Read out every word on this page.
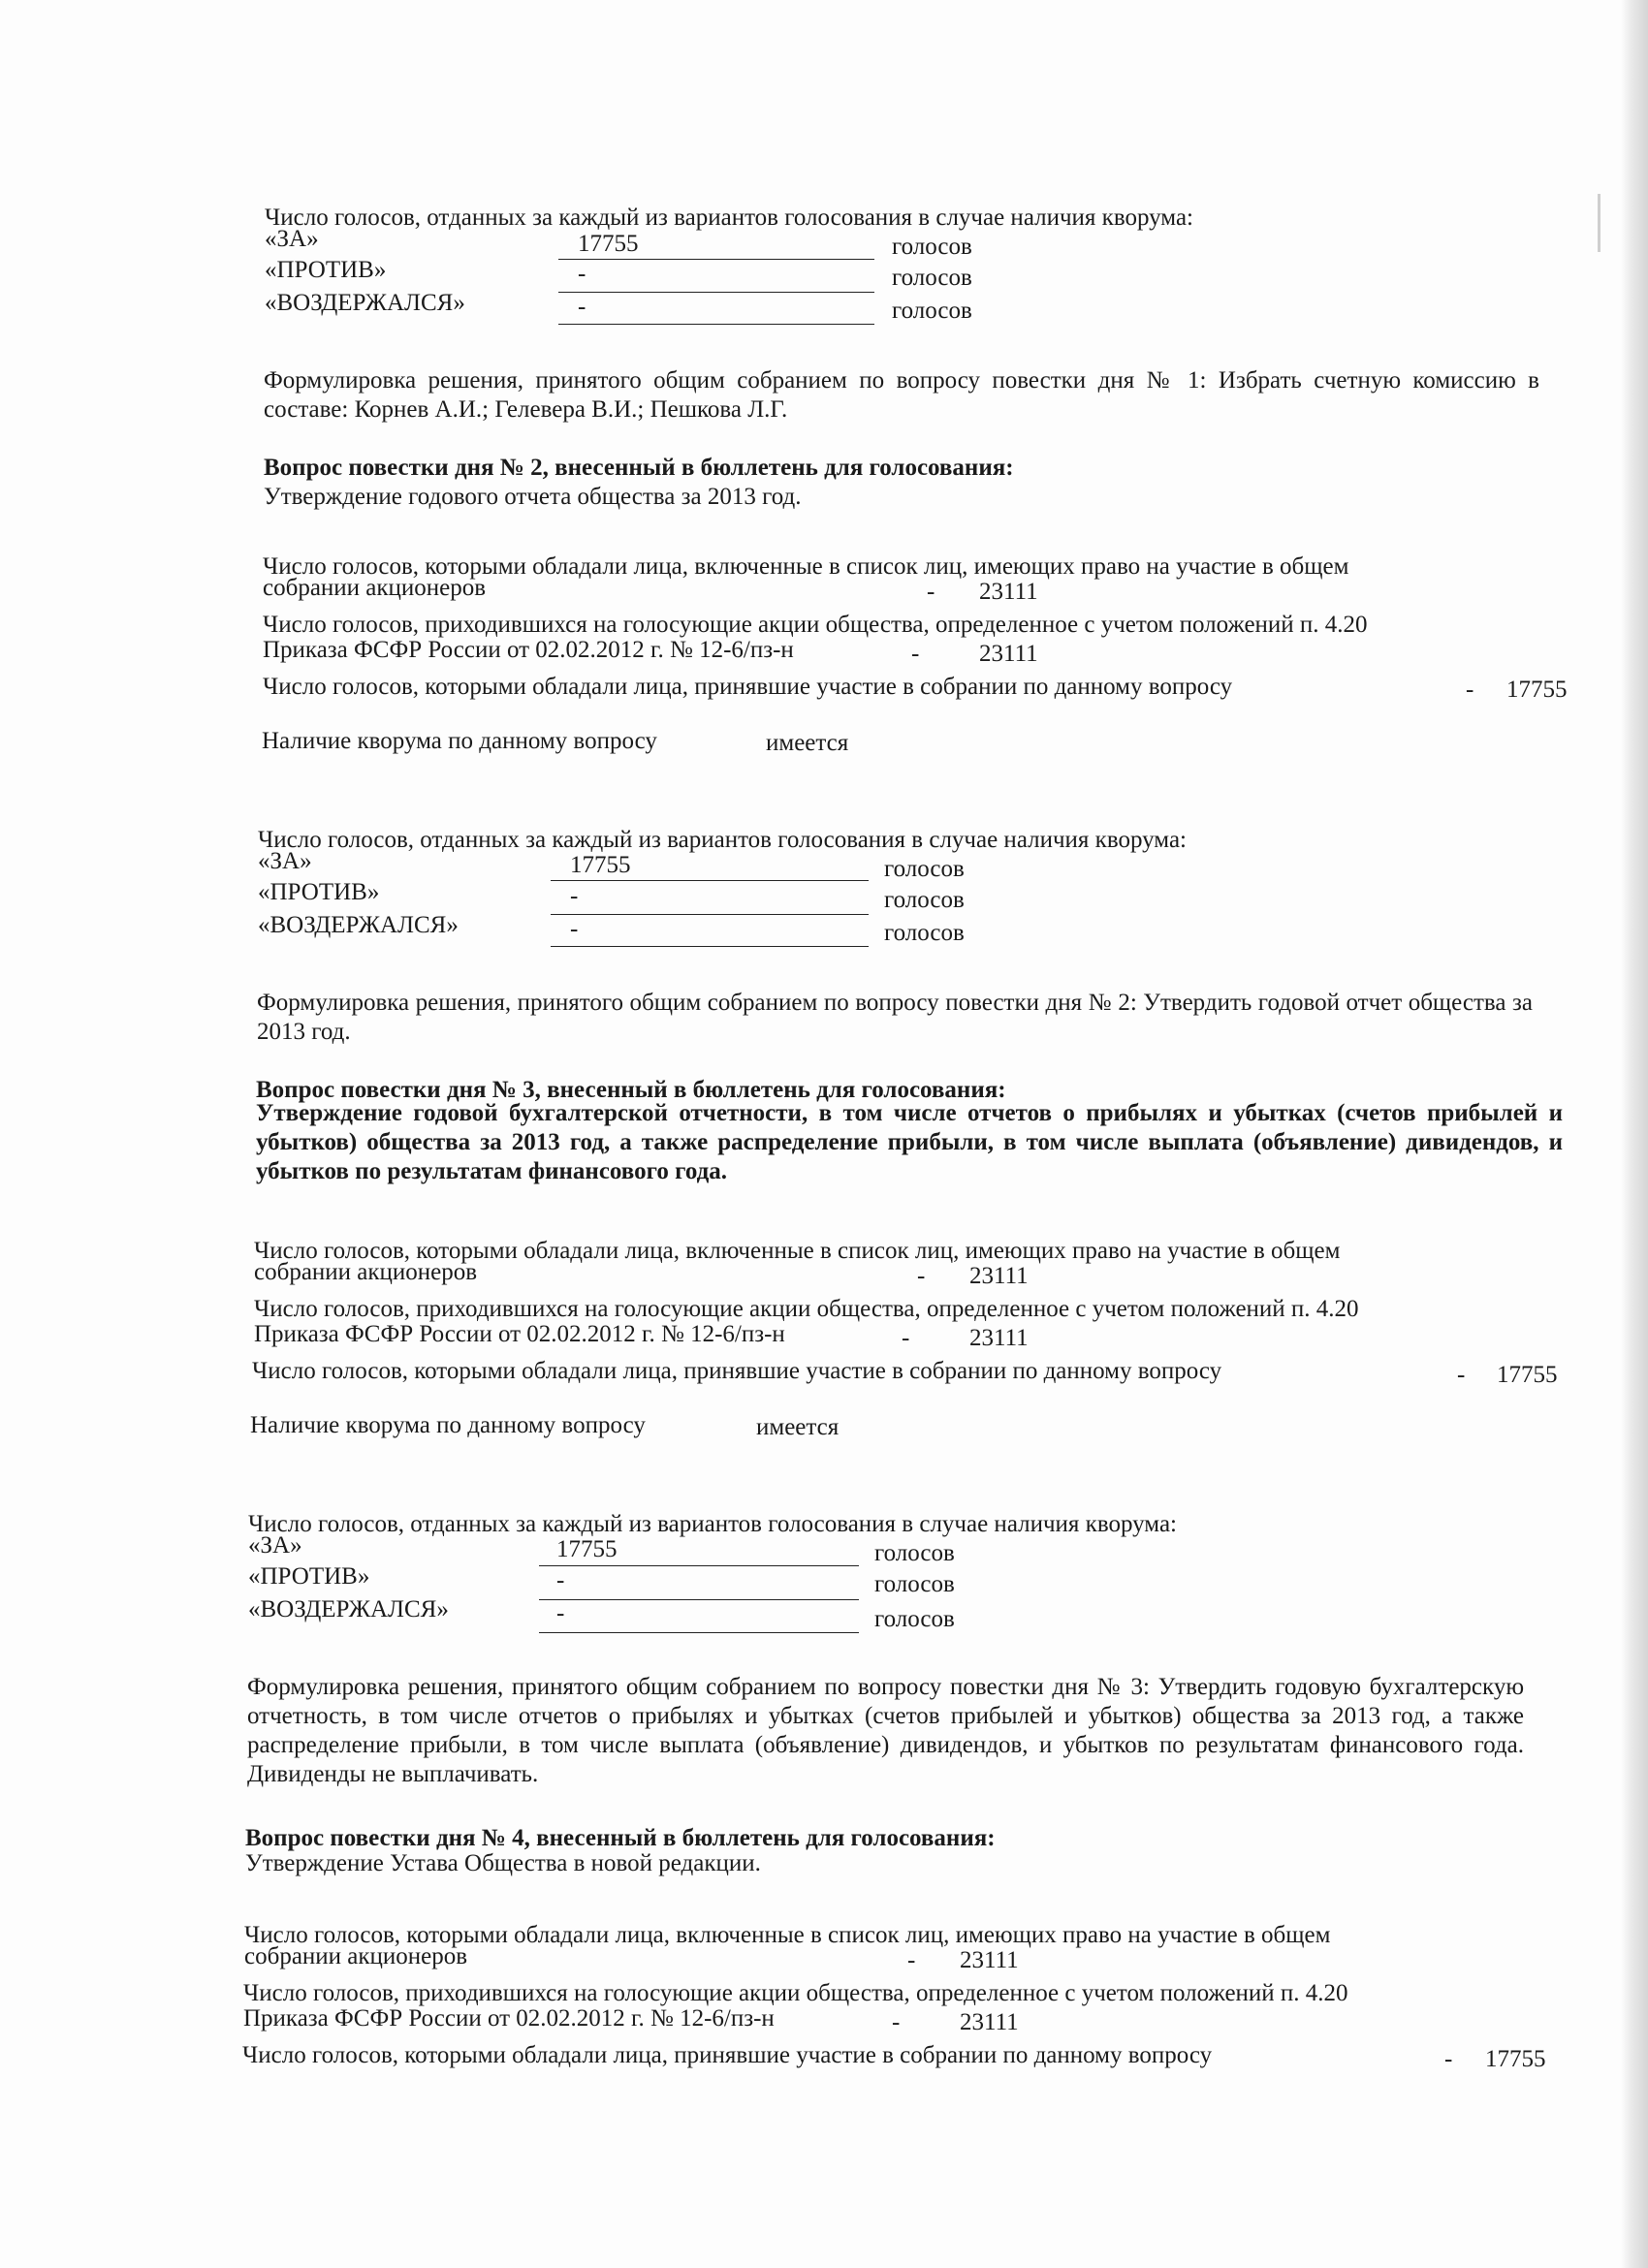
Число голосов, отданных за каждый из вариантов голосования в случае наличия кворума:
«ЗА»	17755	голосов
«ПРОТИВ»	-	голосов
«ВОЗДЕРЖАЛСЯ»	-	голосов
Формулировка решения, принятого общим собранием по вопросу повестки дня № 1: Избрать счетную комиссию в составе: Корнев А.И.; Гелевера В.И.; Пешкова Л.Г.
Вопрос повестки дня № 2, внесенный в бюллетень для голосования:
Утверждение годового отчета общества за 2013 год.
Число голосов, которыми обладали лица, включенные в список лиц, имеющих право на участие в общем
собрании акционеров	- 23111
Число голосов, приходившихся на голосующие акции общества, определенное с учетом положений п. 4.20
Приказа ФСФР России от 02.02.2012 г. № 12-6/пз-н	- 23111
Число голосов, которыми обладали лица, принявшие участие в собрании по данному вопросу	- 17755
Наличие кворума по данному вопросу	имеется
Число голосов, отданных за каждый из вариантов голосования в случае наличия кворума:
«ЗА»	17755	голосов
«ПРОТИВ»	-	голосов
«ВОЗДЕРЖАЛСЯ»	-	голосов
Формулировка решения, принятого общим собранием по вопросу повестки дня № 2: Утвердить годовой отчет общества за 2013 год.
Вопрос повестки дня № 3, внесенный в бюллетень для голосования:
Утверждение годовой бухгалтерской отчетности, в том числе отчетов о прибылях и убытках (счетов прибылей и убытков) общества за 2013 год, а также распределение прибыли, в том числе выплата (объявление) дивидендов, и убытков по результатам финансового года.
Число голосов, которыми обладали лица, включенные в список лиц, имеющих право на участие в общем
собрании акционеров	- 23111
Число голосов, приходившихся на голосующие акции общества, определенное с учетом положений п. 4.20
Приказа ФСФР России от 02.02.2012 г. № 12-6/пз-н	- 23111
Число голосов, которыми обладали лица, принявшие участие в собрании по данному вопросу	- 17755
Наличие кворума по данному вопросу	имеется
Число голосов, отданных за каждый из вариантов голосования в случае наличия кворума:
«ЗА»	17755	голосов
«ПРОТИВ»	-	голосов
«ВОЗДЕРЖАЛСЯ»	-	голосов
Формулировка решения, принятого общим собранием по вопросу повестки дня № 3: Утвердить годовую бухгалтерскую отчетность, в том числе отчетов о прибылях и убытках (счетов прибылей и убытков) общества за 2013 год, а также распределение прибыли, в том числе выплата (объявление) дивидендов, и убытков по результатам финансового года. Дивиденды не выплачивать.
Вопрос повестки дня № 4, внесенный в бюллетень для голосования:
Утверждение Устава Общества в новой редакции.
Число голосов, которыми обладали лица, включенные в список лиц, имеющих право на участие в общем
собрании акционеров	- 23111
Число голосов, приходившихся на голосующие акции общества, определенное с учетом положений п. 4.20
Приказа ФСФР России от 02.02.2012 г. № 12-6/пз-н	- 23111
Число голосов, которыми обладали лица, принявшие участие в собрании по данному вопросу	- 17755
